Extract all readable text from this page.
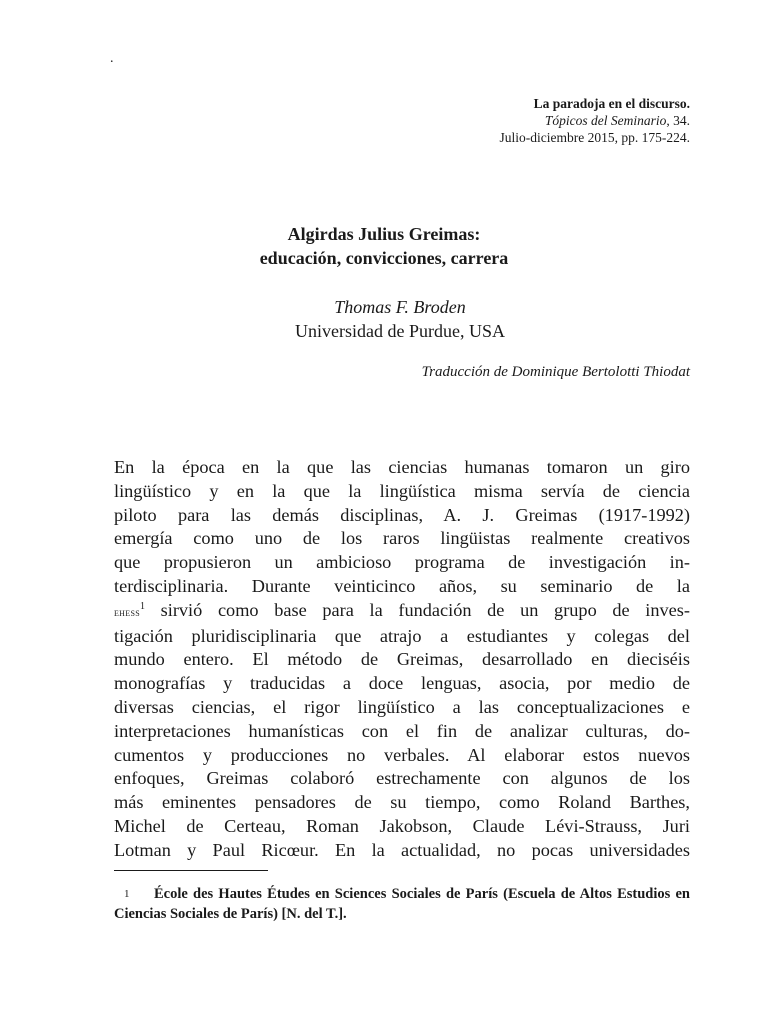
.
La paradoja en el discurso.
Tópicos del Seminario, 34.
Julio-diciembre 2015, pp. 175-224.
Algirdas Julius Greimas:
educación, convicciones, carrera
Thomas F. Broden
Universidad de Purdue, USA
Traducción de Dominique Bertolotti Thiodat
En la época en la que las ciencias humanas tomaron un giro
lingüístico y en la que la lingüística misma servía de ciencia
piloto para las demás disciplinas, A. J. Greimas (1917-1992)
emergía como uno de los raros lingüistas realmente creativos
que propusieron un ambicioso programa de investigación in-
terdisciplinaria. Durante veinticinco años, su seminario de la
ehess$^1$ sirvió como base para la fundación de un grupo de inves-
tigación pluridisciplinaria que atrajo a estudiantes y colegas del
mundo entero. El método de Greimas, desarrollado en dieciséis
monografías y traducidas a doce lenguas, asocia, por medio de
diversas ciencias, el rigor lingüístico a las conceptualizaciones e
interpretaciones humanísticas con el fin de analizar culturas, do-
cumentos y producciones no verbales. Al elaborar estos nuevos
enfoques, Greimas colaboró estrechamente con algunos de los
más eminentes pensadores de su tiempo, como Roland Barthes,
Michel de Certeau, Roman Jakobson, Claude Lévi-Strauss, Juri
Lotman y Paul Ricœur. En la actualidad, no pocas universidades
1 École des Hautes Études en Sciences Sociales de París (Escuela de Altos Estudios en Ciencias Sociales de París) [N. del T.].
